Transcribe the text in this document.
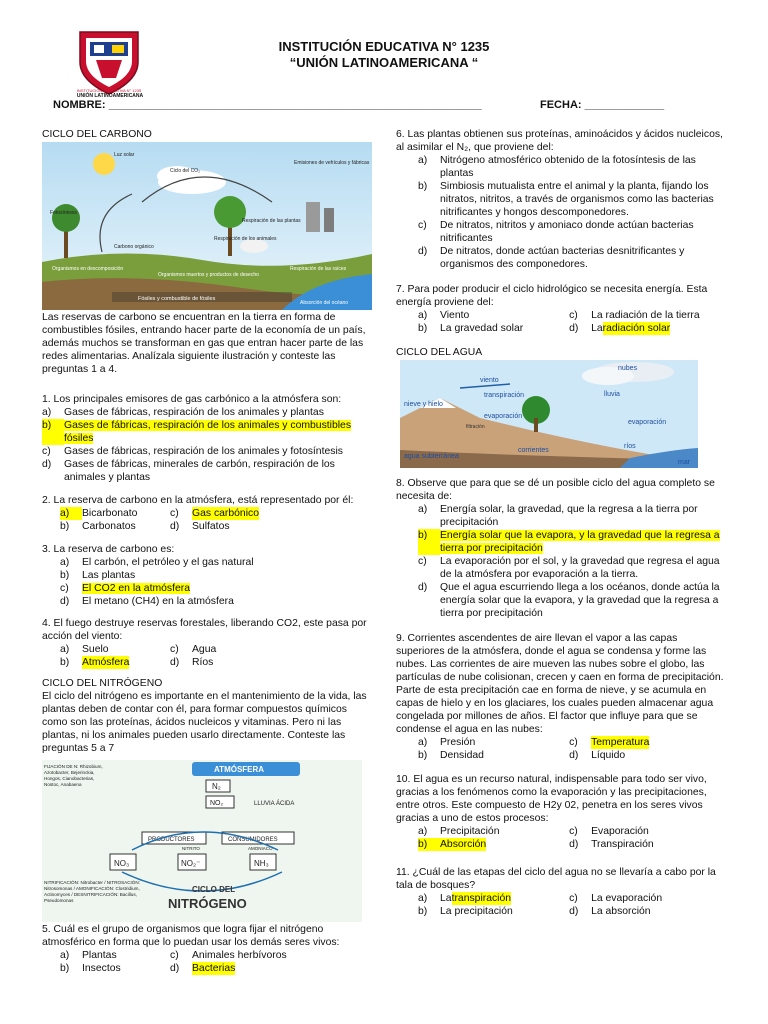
INSTITUCION EDUCATIVA N° 1235
UNIÓN LATINOAMERICANA
INSTITUCIÓN EDUCATIVA N° 1235
“UNIÓN LATINOAMERICANA “
NOMBRE: _____________________________________________________________	FECHA: _____________
CICLO DEL CARBONO
Luz solar
Ciclo del CO₂
Emisiones de vehículos y fábricas
Fotosíntesis
Respiración de las plantas
Respiración de los animales
Carbono orgánico
Organismos en descomposición
Organismos muertos y productos de desecho
Respiración de las raíces
Fósiles y combustible de fósiles
Absorción del océano

Las reservas de carbono se encuentran en la tierra en forma de combustibles fósiles, entrando hacer parte de la economía de un país, además muchos se transforman en gas que entran hacer parte de las redes alimentarias. Analízala siguiente ilustración y conteste las preguntas 1 a 4.

1. Los principales emisores de gas carbónico a la atmósfera son:

a)	Gases de fábricas, respiración de los animales y plantas
b)	Gases de fábricas, respiración de los animales y combustibles fósiles
c)	Gases de fábricas, respiración de los animales y fotosíntesis
d)	Gases de fábricas, minerales de carbón, respiración de los animales y plantas

2. La reserva de carbono en la atmósfera, está representado por él:

a)	Bicarbonato	c)	Gas carbónico
b)	Carbonatos	d)	Sulfatos

3. La reserva de carbono es:

a)	El carbón, el petróleo y el gas natural
b)	Las plantas
c)	El CO2 en la atmósfera
d)	El metano (CH4) en la atmósfera

4. El fuego destruye reservas forestales, liberando CO2, este pasa por acción del viento:

a)	Suelo	c)	Agua
b)	Atmósfera	d)	Ríos
CICLO DEL NITRÓGENO

El ciclo del nitrógeno es importante en el mantenimiento de la vida, las plantas deben de contar con él, para formar compuestos químicos como son las proteínas, ácidos nucleicos y vitaminas. Pero ni las plantas, ni los animales pueden usarlo directamente. Conteste las preguntas 5 a 7

ATMÓSFERA
N₂
NO₂	LLUVIA ÁCIDA
PRODUCTORES	CONSUMIDORES
NO₃	NO₂⁻	NH₃
NITRITO	AMONIACO
CICLO DEL
NITRÓGENO
FIJACIÓN DE N: Rhizobium, Azotobacter, Bejerinckia, Hongos, Cianobacterias, Nostoc, Anabaena
NITRIFICACIÓN: Nitrobacter / NITROSACIÓN: Nitrosomonas / AMONIFICACIÓN: Clostridium, Actinomyces / DESNITRIFICACIÓN: Bacillus, Pseudomonas

5. Cuál es el grupo de organismos que logra fijar el nitrógeno atmosférico en forma que lo puedan usar los demás seres vivos:

a)	Plantas	c)	Animales herbívoros
b)	Insectos	d)	Bacterias

6. Las plantas obtienen sus proteínas, aminoácidos y ácidos nucleicos, al asimilar el N₂, que proviene del:

a)	Nitrógeno atmosférico obtenido de la fotosíntesis de las plantas
b)	Simbiosis mutualista entre el animal y la planta, fijando los nitratos, nitritos, a través de organismos como las bacterias nitrificantes y hongos descomponedores.
c)	De nitratos, nitritos y amoniaco donde actúan bacterias nitrificantes
d)	De nitratos, donde actúan bacterias desnitrificantes y organismos des componedores.

7. Para poder producir el ciclo hidrológico se necesita energía. Esta energía proviene del:

a)	Viento	c)	La radiación de la tierra
b)	La gravedad solar	d)	La radiación solar
CICLO DEL AGUA
nubes
viento
transpiración	lluvia
nieve y hielo
evaporación
evaporación
filtración
corrientes
ríos
agua subterránea
mar

8. Observe que para que se dé un posible ciclo del agua completo se necesita de:

a)	Energía solar, la gravedad, que la regresa a la tierra por precipitación
b)	Energía solar que la evapora, y la gravedad que la regresa a tierra por precipitación
c)	La evaporación por el sol, y la gravedad que regresa el agua de la atmósfera por evaporación a la tierra.
d)	Que el agua escurriendo llega a los océanos, donde actúa la energía solar que la evapora, y la gravedad que la regresa a tierra por precipitación

9. Corrientes ascendentes de aire llevan el vapor a las capas superiores de la atmósfera, donde el agua se condensa y forme las nubes. Las corrientes de aire mueven las nubes sobre el globo, las partículas de nube colisionan, crecen y caen en forma de precipitación. Parte de esta precipitación cae en forma de nieve, y se acumula en capas de hielo y en los glaciares, los cuales pueden almacenar agua congelada por millones de años. El factor que influye para que se condense el agua en las nubes:

a)	Presión	c)	Temperatura
b)	Densidad	d)	Líquido

10. El agua es un recurso natural, indispensable para todo ser vivo, gracias a los fenómenos como la evaporación y las precipitaciones, entre otros. Este compuesto de H2y 02, penetra en los seres vivos gracias a uno de estos procesos:

a)	Precipitación	c)	Evaporación
b)	Absorción	d)	Transpiración

11. ¿Cuál de las etapas del ciclo del agua no se llevaría a cabo por la tala de bosques?

a)	La transpiración	c)	La evaporación
b)	La precipitación	d)	La absorción
